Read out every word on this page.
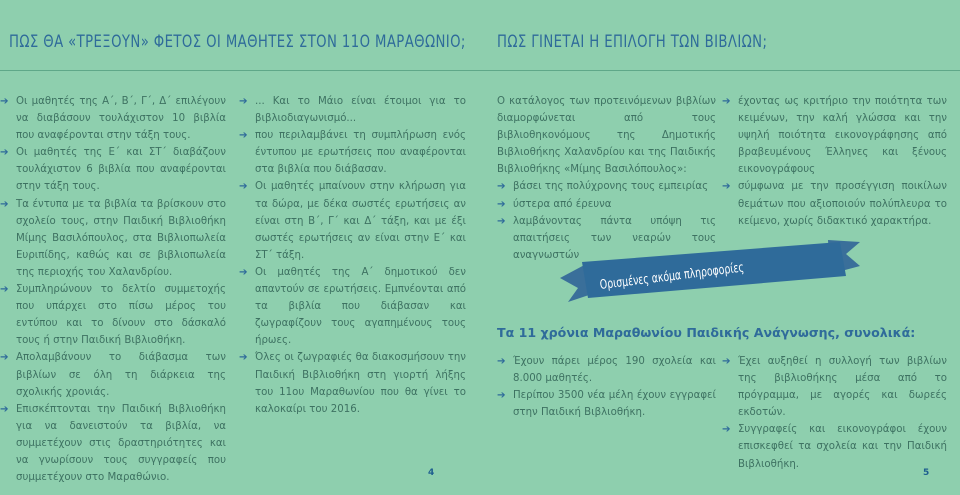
ΠΩΣ ΘΑ «ΤΡΕΞΟΥΝ» ΦΕΤΟΣ ΟΙ ΜΑΘΗΤΕΣ ΣΤΟΝ 11Ο ΜΑΡΑΘΩΝΙΟ;

➔ Οι μαθητές της Α΄, Β΄, Γ΄, Δ΄ επιλέγουν να διαβάσουν τουλάχιστον 10 βιβλία που αναφέρονται στην τάξη τους.

➔ Οι μαθητές της Ε΄ και ΣΤ΄ διαβάζουν τουλάχιστον 6 βιβλία που αναφέρονται στην τάξη τους.

➔ Τα έντυπα με τα βιβλία τα βρίσκουν στο σχολείο τους, στην Παιδική Βιβλιοθήκη Μίμης Βασιλόπουλος, στα Βιβλιοπωλεία Ευριπίδης, καθώς και σε βιβλιοπωλεία της περιοχής του Χαλανδρίου.

➔ Συμπληρώνουν το δελτίο συμμετοχής που υπάρχει στο πίσω μέρος του εντύπου και το δίνουν στο δάσκαλό τους ή στην Παιδική Βιβλιοθήκη.

➔ Απολαμβάνουν το διάβασμα των βιβλίων σε όλη τη διάρκεια της σχολικής χρονιάς.

➔ Επισκέπτονται την Παιδική Βιβλιοθήκη για να δανειστούν τα βιβλία, να συμμετέχουν στις δραστηριότητες και να γνωρίσουν τους συγγραφείς που συμμετέχουν στο Μαραθώνιο.

➔ ... Και το Μάιο είναι έτοιμοι για το βιβλιοδιαγωνισμό...

➔ που περιλαμβάνει τη συμπλήρωση ενός έντυπου με ερωτήσεις που αναφέρονται στα βιβλία που διάβασαν.

➔ Οι μαθητές μπαίνουν στην κλήρωση για τα δώρα, με δέκα σωστές ερωτήσεις αν είναι στη Β΄, Γ΄ και Δ΄ τάξη, και με έξι σωστές ερωτήσεις αν είναι στην Ε΄ και ΣΤ΄ τάξη.

➔ Οι μαθητές της Α΄ δημοτικού δεν απαντούν σε ερωτήσεις. Εμπνέονται από τα βιβλία που διάβασαν και ζωγραφίζουν τους αγαπημένους τους ήρωες.

➔ Όλες οι ζωγραφιές θα διακοσμήσουν την Παιδική Βιβλιοθήκη στη γιορτή λήξης του 11ου Μαραθωνίου που θα γίνει το καλοκαίρι του 2016.

4
ΠΩΣ ΓΙΝΕΤΑΙ Η ΕΠΙΛΟΓΗ ΤΩΝ ΒΙΒΛΙΩΝ;

Ο κατάλογος των προτεινόμενων βιβλίων διαμορφώνεται από τους βιβλιοθηκονόμους της Δημοτικής Βιβλιοθήκης Χαλανδρίου και της Παιδικής Βιβλιοθήκης «Μίμης Βασιλόπουλος»:

➔ βάσει της πολύχρονης τους εμπειρίας

➔ ύστερα από έρευνα

➔ λαμβάνοντας πάντα υπόψη τις απαιτήσεις των νεαρών τους αναγνωστών

➔ έχοντας ως κριτήριο την ποιότητα των κειμένων, την καλή γλώσσα και την υψηλή ποιότητα εικονογράφησης από βραβευμένους Έλληνες και ξένους εικονογράφους

➔ σύμφωνα με την προσέγγιση ποικίλων θεμάτων που αξιοποιούν πολύπλευρα το κείμενο, χωρίς διδακτικό χαρακτήρα.

Ορισμένες ακόμα πληροφορίες
Τα 11 χρόνια Μαραθωνίου Παιδικής Ανάγνωσης, συνολικά:

➔ Έχουν πάρει μέρος 190 σχολεία και 8.000 μαθητές.

➔ Περίπου 3500 νέα μέλη έχουν εγγραφεί στην Παιδική Βιβλιοθήκη.

➔ Έχει αυξηθεί η συλλογή των βιβλίων της βιβλιοθήκης μέσα από το πρόγραμμα, με αγορές και δωρεές εκδοτών.

➔ Συγγραφείς και εικονογράφοι έχουν επισκεφθεί τα σχολεία και την Παιδική Βιβλιοθήκη.

5
